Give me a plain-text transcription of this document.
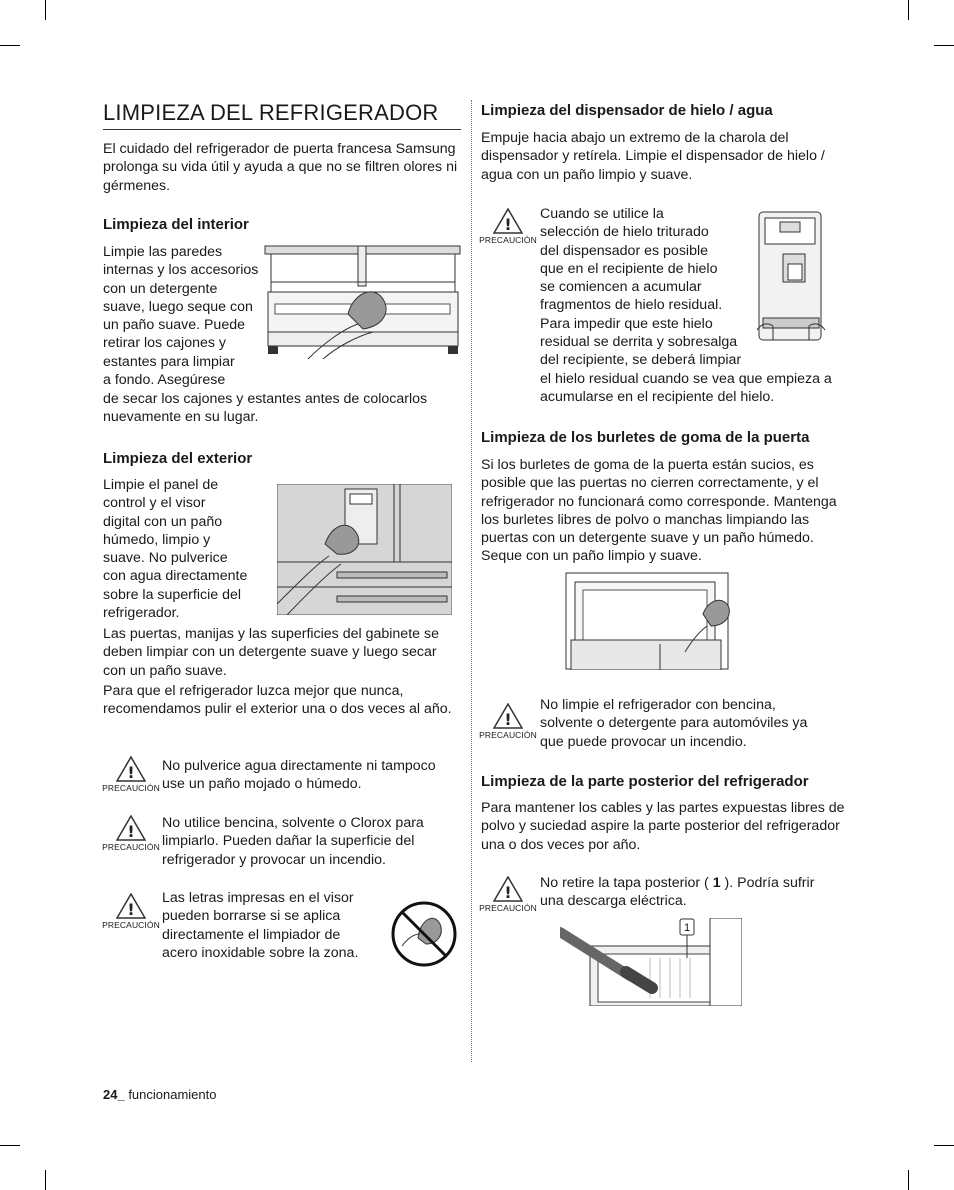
LIMPIEZA DEL REFRIGERADOR
El cuidado del refrigerador de puerta francesa Samsung prolonga su vida útil y ayuda a que no se filtren olores ni gérmenes.
Limpieza del interior
Limpie las paredes
internas y los accesorios
con un detergente
suave, luego seque con
un paño suave. Puede
retirar los cajones y
estantes para limpiar
a fondo. Asegúrese
de secar los cajones y estantes antes de colocarlos nuevamente en su lugar.
Limpieza del exterior
Limpie el panel de
control y el visor
digital con un paño
húmedo, limpio y
suave. No pulverice
con agua directamente
sobre la superficie del
refrigerador.
Las puertas, manijas y las superficies del gabinete se deben limpiar con un detergente suave y luego secar con un paño suave.
Para que el refrigerador luzca mejor que nunca, recomendamos pulir el exterior una o dos veces al año.
!
PRECAUCIÓN
No pulverice agua directamente ni tampoco use un paño mojado o húmedo.
!
PRECAUCIÓN
No utilice bencina, solvente o Clorox para limpiarlo. Pueden dañar la superficie del refrigerador y provocar un incendio.
!
PRECAUCIÓN
Las letras impresas en el visor pueden borrarse si se aplica directamente el limpiador de acero inoxidable sobre la zona.
Limpieza del dispensador de hielo / agua
Empuje hacia abajo un extremo de la charola del dispensador y retírela. Limpie el dispensador de hielo / agua con un paño limpio y suave.
!
PRECAUCIÓN
Cuando se utilice la
selección de hielo triturado
del dispensador es posible
que en el recipiente de hielo
se comiencen a acumular
fragmentos de hielo residual.
Para impedir que este hielo
residual se derrita y sobresalga
del recipiente, se deberá limpiar
el hielo residual cuando se vea que empieza a acumularse en el recipiente del hielo.
Limpieza de los burletes de goma de la puerta
Si los burletes de goma de la puerta están sucios, es posible que las puertas no cierren correctamente, y el refrigerador no funcionará como corresponde. Mantenga los burletes libres de polvo o manchas limpiando las puertas con un detergente suave y un paño húmedo. Seque con un paño limpio y suave.
!
PRECAUCIÓN
No limpie el refrigerador con bencina, solvente o detergente para automóviles ya que puede provocar un incendio.
Limpieza de la parte posterior del refrigerador
Para mantener los cables y las partes expuestas libres de polvo y suciedad aspire la parte posterior del refrigerador una o dos veces por año.
!
PRECAUCIÓN
No retire la tapa posterior ( 1 ). Podría sufrir una descarga eléctrica.
1
24_ funcionamiento
